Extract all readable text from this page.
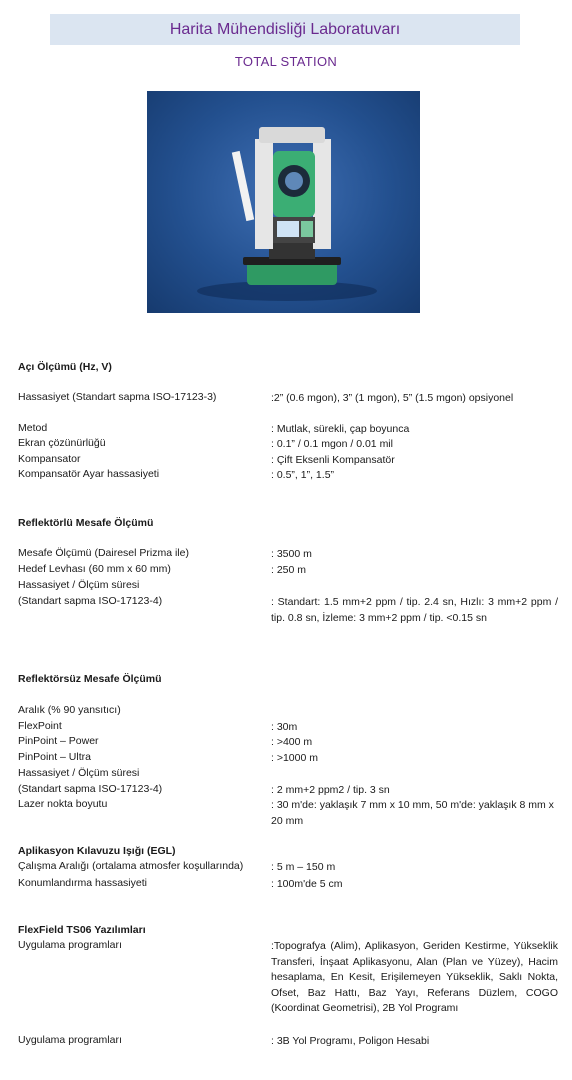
Harita Mühendisliği Laboratuvarı
TOTAL STATION
Açı Ölçümü (Hz, V)
Hassasiyet (Standart sapma ISO-17123-3)	:2” (0.6 mgon), 3” (1 mgon), 5” (1.5 mgon) opsiyonel
Metod	: Mutlak, sürekli, çap boyunca
Ekran çözünürlüğü	: 0.1” / 0.1 mgon / 0.01 mil
Kompansator	: Çift Eksenli Kompansatör
Kompansatör Ayar hassasiyeti	: 0.5”, 1”, 1.5”
Reflektörlü Mesafe Ölçümü
Mesafe Ölçümü (Dairesel Prizma ile)	: 3500 m
Hedef Levhası (60 mm x 60 mm)	: 250 m
Hassasiyet / Ölçüm süresi
(Standart sapma ISO-17123-4)	: Standart: 1.5 mm+2 ppm / tip. 2.4 sn, Hızlı: 3 mm+2 ppm / tip. 0.8 sn, İzleme: 3 mm+2 ppm / tip. <0.15 sn
Reflektörsüz Mesafe Ölçümü
Aralık (% 90 yansıtıcı)
FlexPoint	: 30m
PinPoint – Power	: >400 m
PinPoint – Ultra	: >1000 m
Hassasiyet / Ölçüm süresi
(Standart sapma ISO-17123-4)	: 2 mm+2 ppm2 / tip. 3 sn
Lazer nokta boyutu	: 30 m'de: yaklaşık 7 mm x 10 mm, 50 m'de: yaklaşık 8 mm x 20 mm
Aplikasyon Kılavuzu Işığı (EGL)
Çalışma Aralığı (ortalama atmosfer koşullarında)	: 5 m – 150 m
Konumlandırma hassasiyeti	: 100m'de 5 cm
FlexField TS06 Yazılımları
Uygulama programları	:Topografya (Alim), Aplikasyon, Geriden Kestirme, Yükseklik Transferi, İnşaat Aplikasyonu, Alan (Plan ve Yüzey), Hacim hesaplama, En Kesit, Erişilemeyen Yükseklik, Saklı Nokta, Ofset, Baz Hattı, Baz Yayı, Referans Düzlem, COGO (Koordinat Geometrisi), 2B Yol Programı
Uygulama programları	: 3B Yol Programı, Poligon Hesabi
